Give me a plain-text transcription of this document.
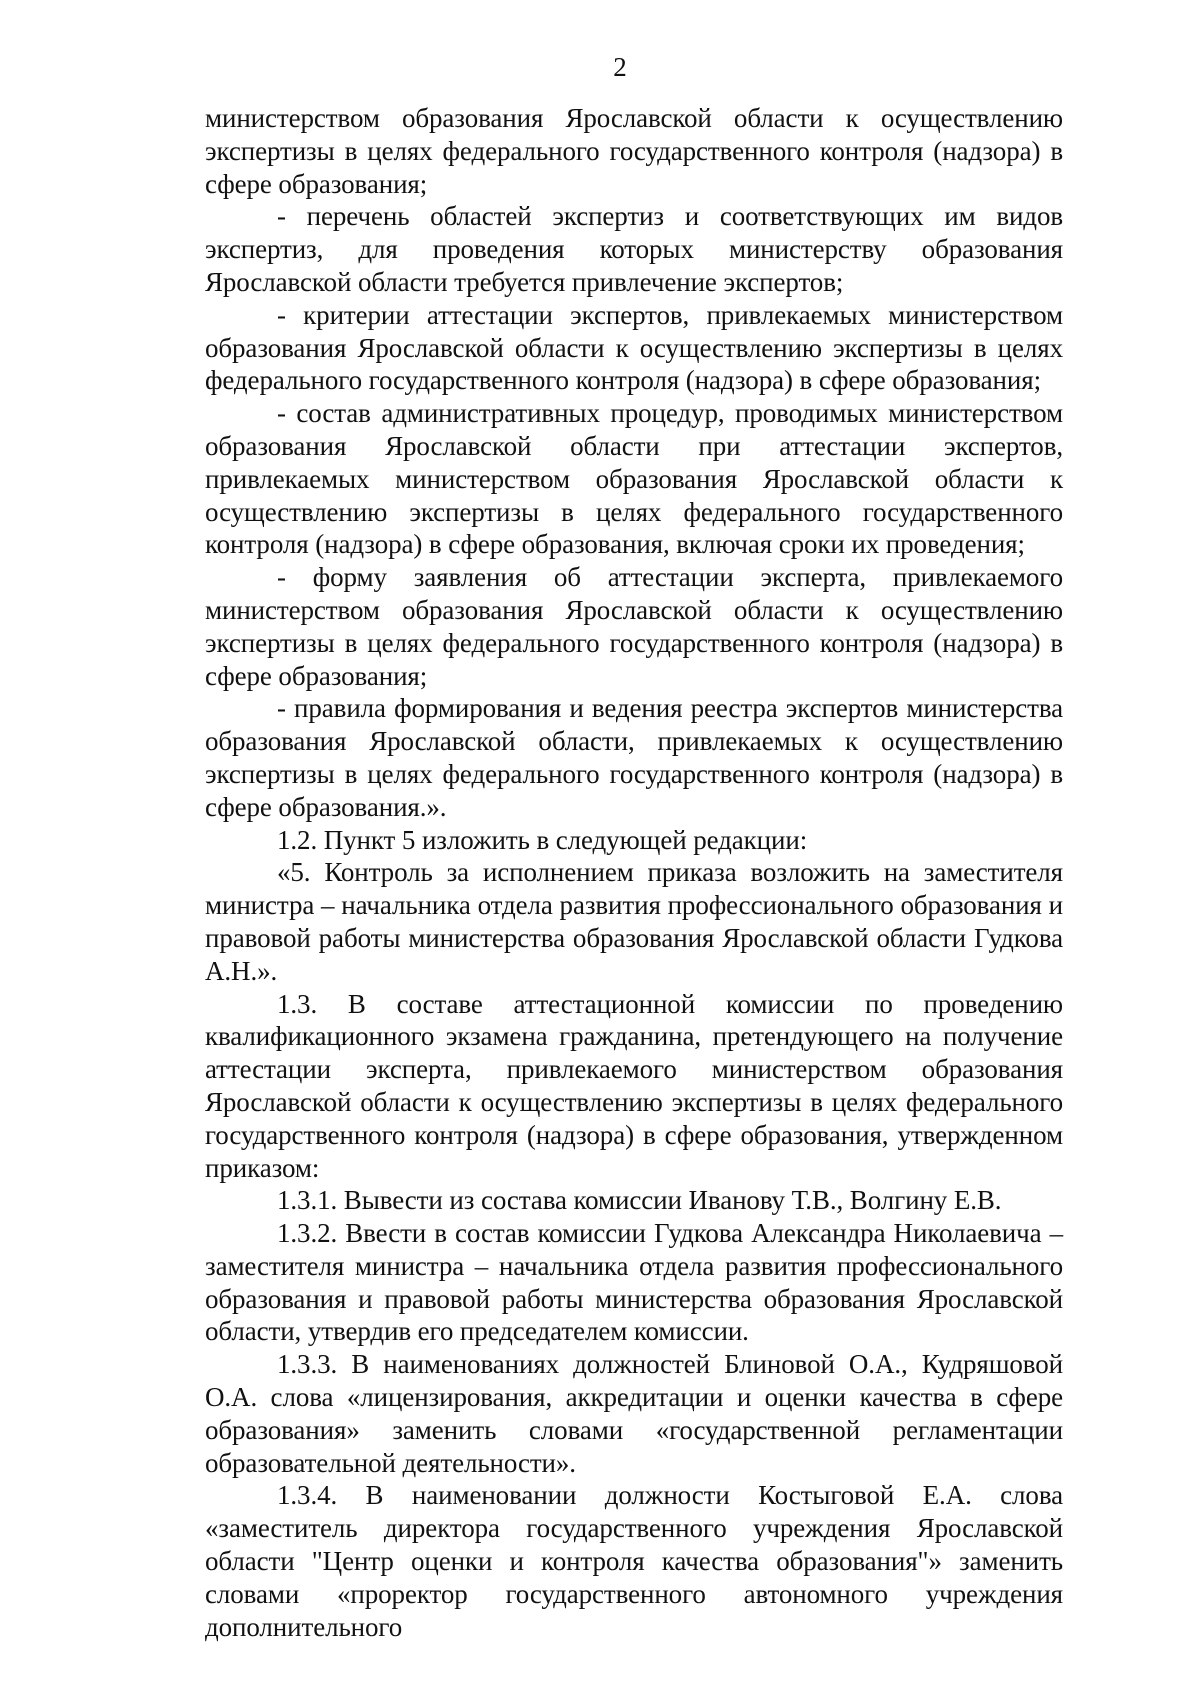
2

министерством образования Ярославской области к осуществлению экспертизы в целях федерального государственного контроля (надзора) в сфере образования;

- перечень областей экспертиз и соответствующих им видов экспертиз, для проведения которых министерству образования Ярославской области требуется привлечение экспертов;

- критерии аттестации экспертов, привлекаемых министерством образования Ярославской области к осуществлению экспертизы в целях федерального государственного контроля (надзора) в сфере образования;

- состав административных процедур, проводимых министерством образования Ярославской области при аттестации экспертов, привлекаемых министерством образования Ярославской области к осуществлению экспертизы в целях федерального государственного контроля (надзора) в сфере образования, включая сроки их проведения;

- форму заявления об аттестации эксперта, привлекаемого министерством образования Ярославской области к осуществлению экспертизы в целях федерального государственного контроля (надзора) в сфере образования;

- правила формирования и ведения реестра экспертов министерства образования Ярославской области, привлекаемых к осуществлению экспертизы в целях федерального государственного контроля (надзора) в сфере образования.».

1.2. Пункт 5 изложить в следующей редакции:

«5. Контроль за исполнением приказа возложить на заместителя министра – начальника отдела развития профессионального образования и правовой работы министерства образования Ярославской области Гудкова А.Н.».

1.3. В составе аттестационной комиссии по проведению квалификационного экзамена гражданина, претендующего на получение аттестации эксперта, привлекаемого министерством образования Ярославской области к осуществлению экспертизы в целях федерального государственного контроля (надзора) в сфере образования, утвержденном приказом:

1.3.1. Вывести из состава комиссии Иванову Т.В., Волгину Е.В.

1.3.2. Ввести в состав комиссии Гудкова Александра Николаевича – заместителя министра – начальника отдела развития профессионального образования и правовой работы министерства образования Ярославской области, утвердив его председателем комиссии.

1.3.3. В наименованиях должностей Блиновой О.А., Кудряшовой О.А. слова «лицензирования, аккредитации и оценки качества в сфере образования» заменить словами «государственной регламентации образовательной деятельности».

1.3.4. В наименовании должности Костыговой Е.А. слова «заместитель директора государственного учреждения Ярославской области "Центр оценки и контроля качества образования"» заменить словами «проректор государственного автономного учреждения дополнительного
